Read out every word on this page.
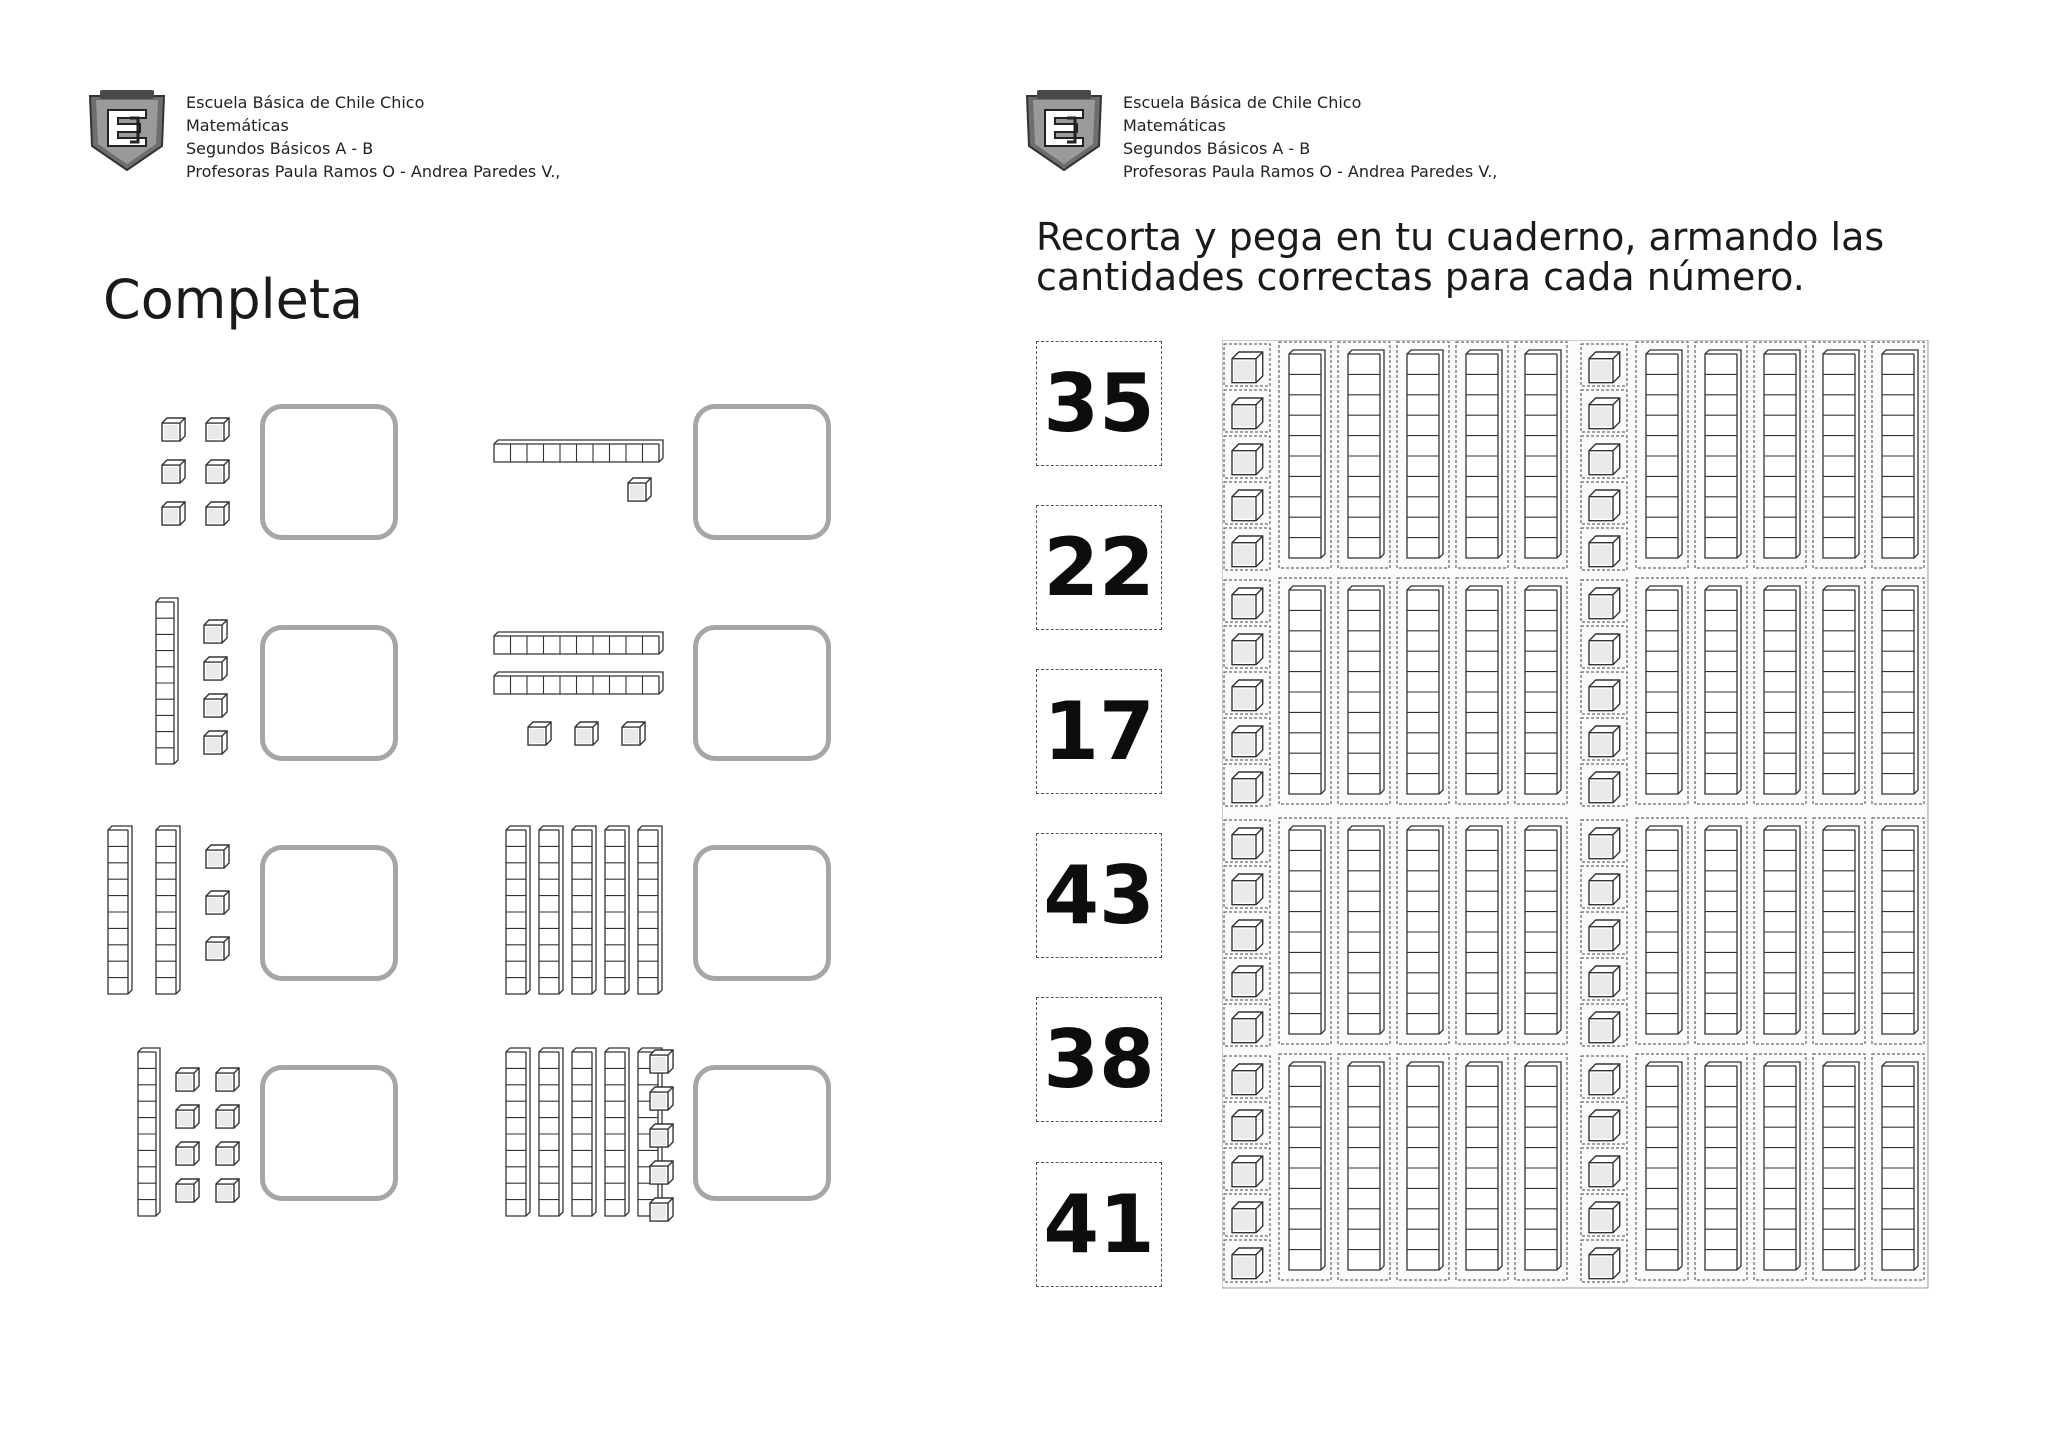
Escuela Básica de Chile Chico
Matemáticas
Segundos Básicos A - B
Profesoras Paula Ramos O - Andrea Paredes V.,
Completa
Escuela Básica de Chile Chico
Matemáticas
Segundos Básicos A - B
Profesoras Paula Ramos O - Andrea Paredes V.,
Recorta y pega en tu cuaderno, armando las
cantidades correctas para cada número.
35
22
17
43
38
41
